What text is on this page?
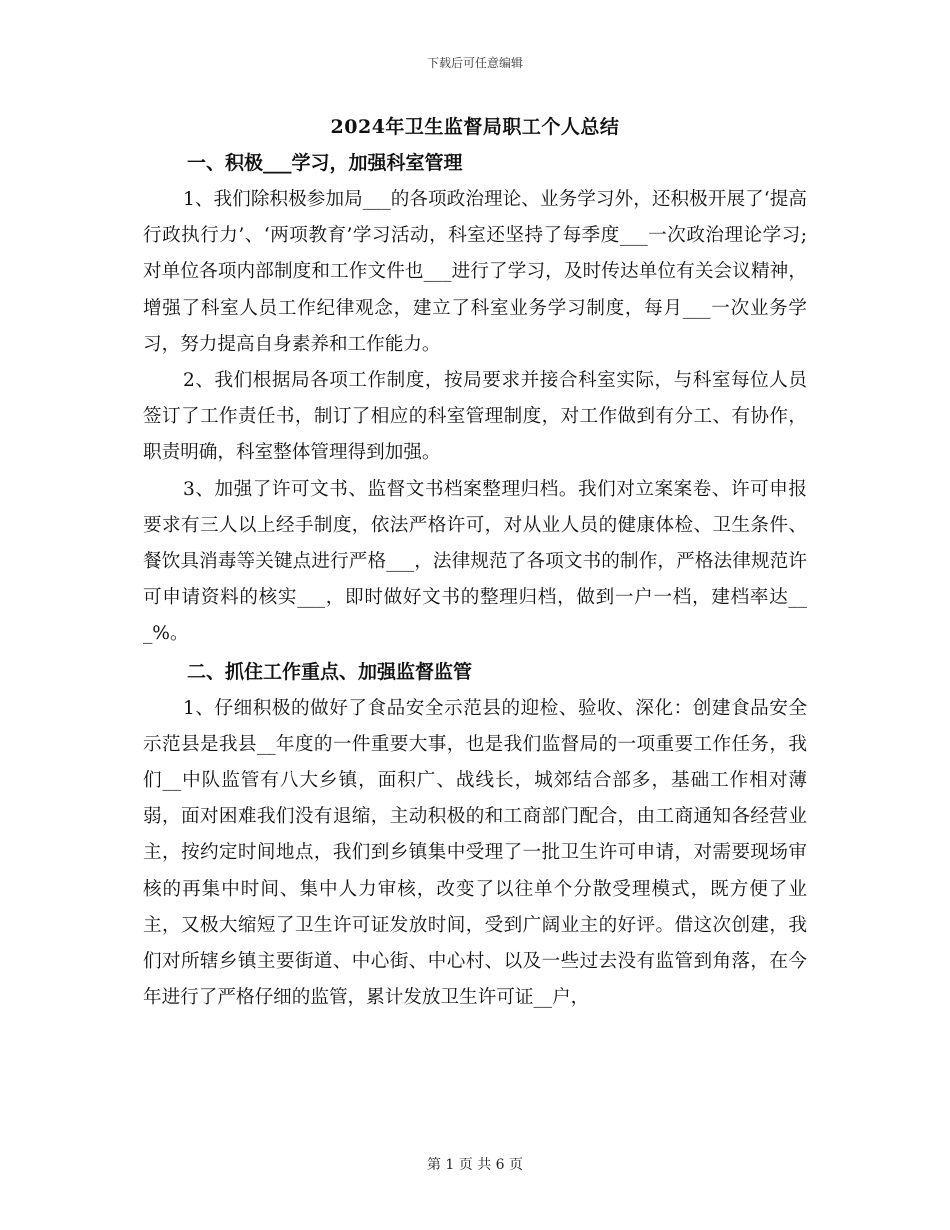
下载后可任意编辑
2024年卫生监督局职工个人总结
一、积极___学习，加强科室管理

1、我们除积极参加局___的各项政治理论、业务学习外，还积极开展了‘提高行政执行力’、‘两项教育’学习活动，科室还坚持了每季度___一次政治理论学习;对单位各项内部制度和工作文件也___进行了学习，及时传达单位有关会议精神，增强了科室人员工作纪律观念，建立了科室业务学习制度，每月___一次业务学习，努力提高自身素养和工作能力。

2、我们根据局各项工作制度，按局要求并接合科室实际，与科室每位人员签订了工作责任书，制订了相应的科室管理制度，对工作做到有分工、有协作，职责明确，科室整体管理得到加强。

3、加强了许可文书、监督文书档案整理归档。我们对立案案卷、许可申报要求有三人以上经手制度，依法严格许可，对从业人员的健康体检、卫生条件、餐饮具消毒等关键点进行严格___，法律规范了各项文书的制作，严格法律规范许可申请资料的核实___，即时做好文书的整理归档，做到一户一档，建档率达___%。

二、抓住工作重点、加强监督监管

1、仔细积极的做好了食品安全示范县的迎检、验收、深化：创建食品安全示范县是我县__年度的一件重要大事，也是我们监督局的一项重要工作任务，我们__中队监管有八大乡镇，面积广、战线长，城郊结合部多，基础工作相对薄弱，面对困难我们没有退缩，主动积极的和工商部门配合，由工商通知各经营业主，按约定时间地点，我们到乡镇集中受理了一批卫生许可申请，对需要现场审核的再集中时间、集中人力审核，改变了以往单个分散受理模式，既方便了业主，又极大缩短了卫生许可证发放时间，受到广阔业主的好评。借这次创建，我们对所辖乡镇主要街道、中心街、中心村、以及一些过去没有监管到角落，在今年进行了严格仔细的监管，累计发放卫生许可证__户，

第 1 页 共 6 页
